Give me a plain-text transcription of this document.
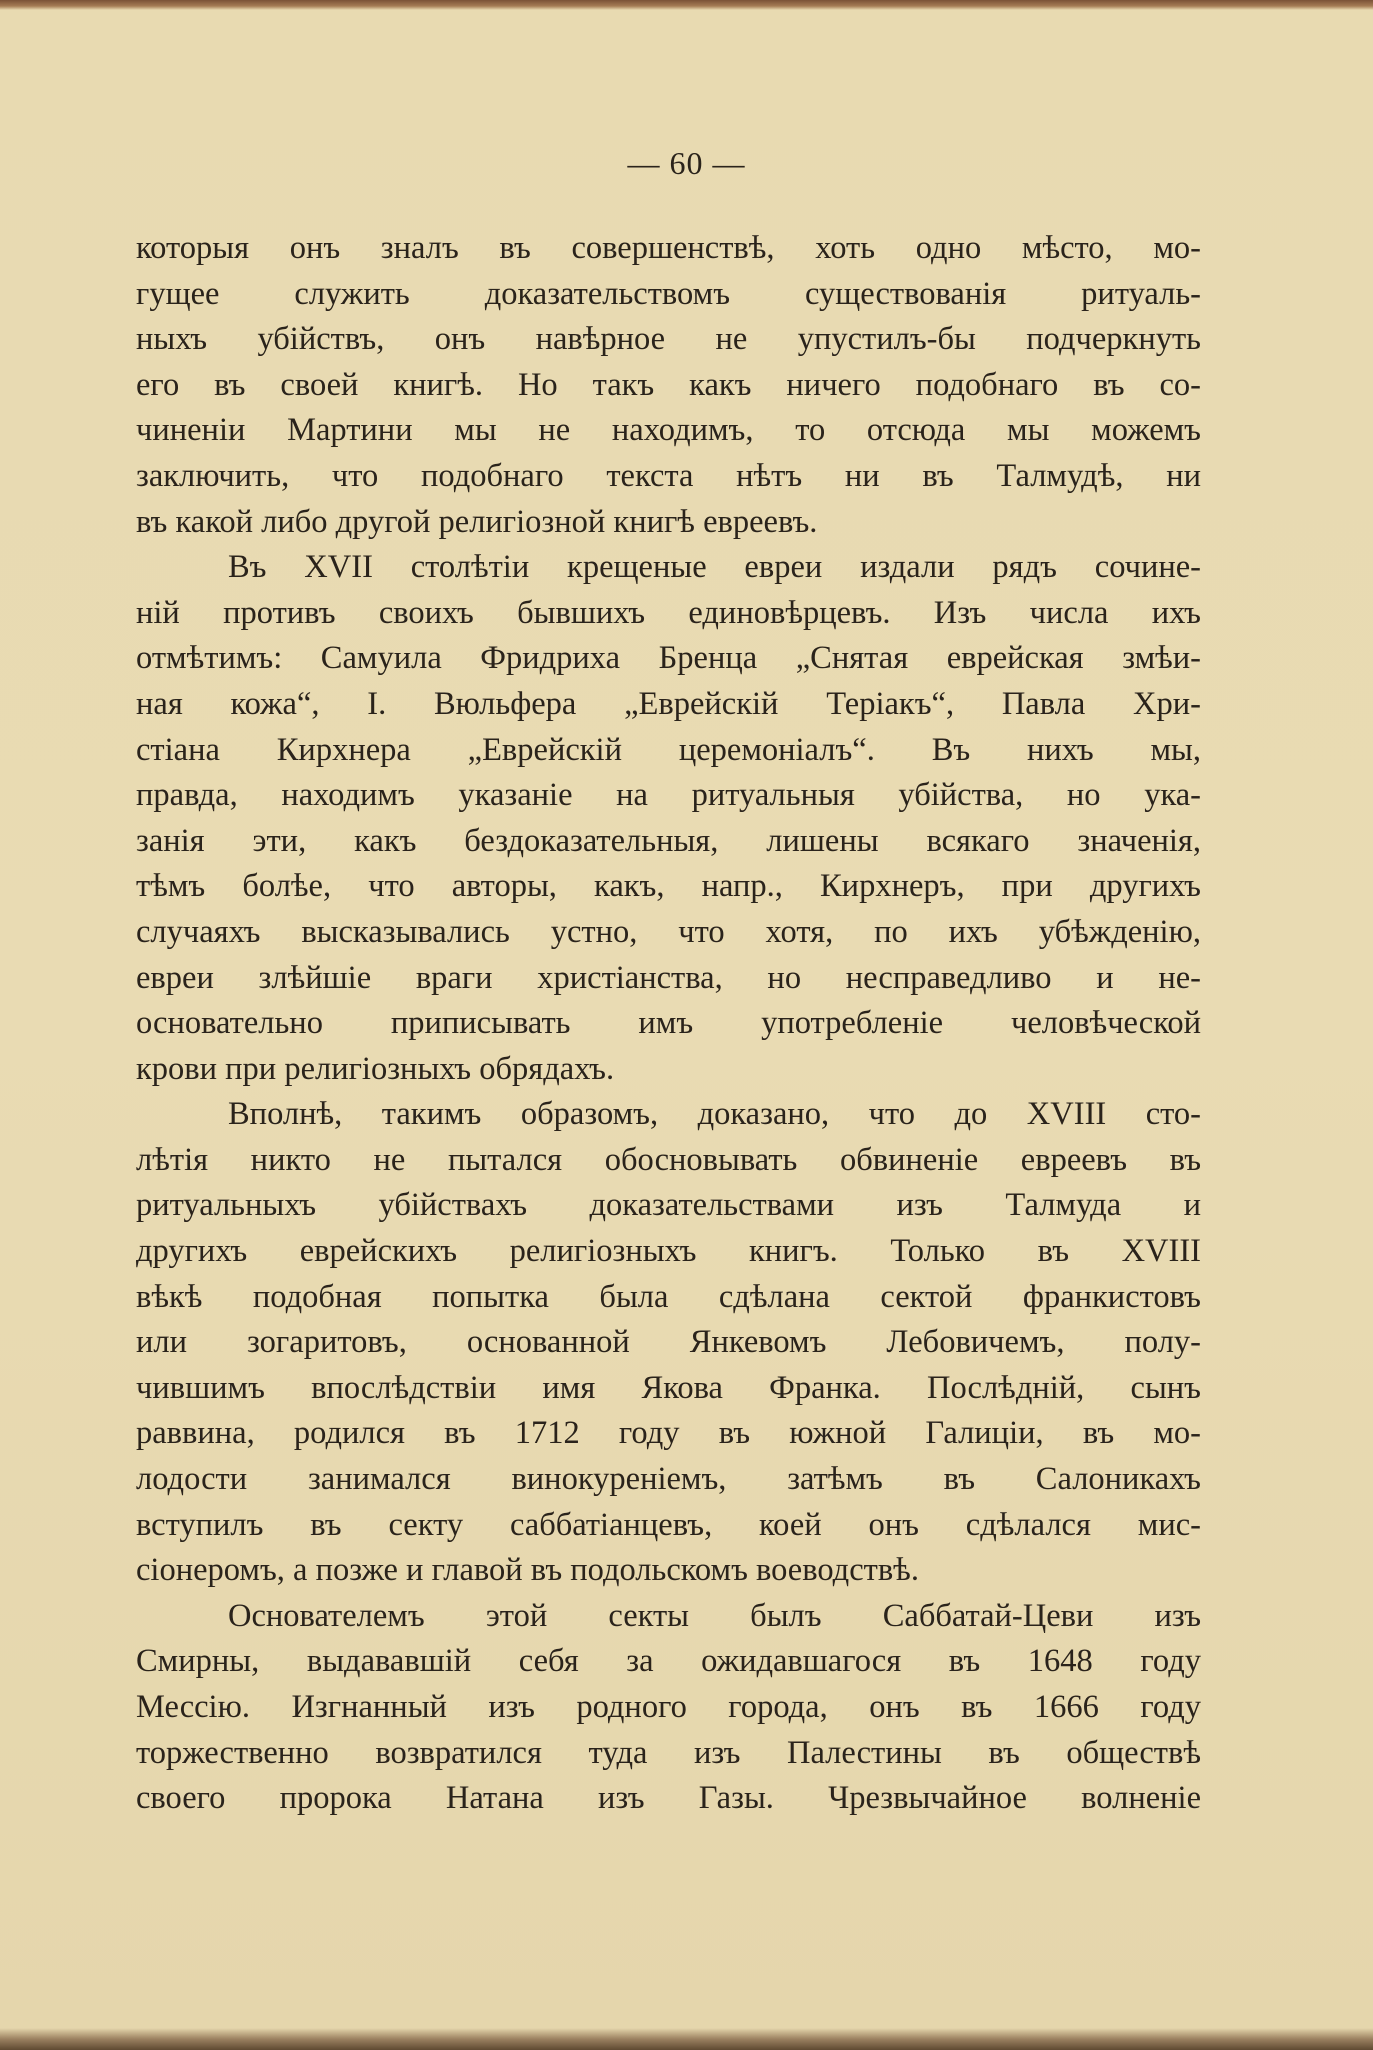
— 60 —
которыя онъ зналъ въ совершенствѣ, хоть одно мѣсто, мо-
гущее служить доказательствомъ существованія ритуаль-
ныхъ убійствъ, онъ навѣрное не упустилъ-бы подчеркнуть
его въ своей книгѣ. Но такъ какъ ничего подобнаго въ со-
чиненіи Мартини мы не находимъ, то отсюда мы можемъ
заключить, что подобнаго текста нѣтъ ни въ Талмудѣ, ни
въ какой либо другой религіозной книгѣ евреевъ.
Въ XVII столѣтіи крещеные евреи издали рядъ сочине-
ній противъ своихъ бывшихъ единовѣрцевъ. Изъ числа ихъ
отмѣтимъ: Самуила Фридриха Бренца „Снятая еврейская змѣи-
ная кожа“, І. Вюльфера „Еврейскій Теріакъ“, Павла Хри-
стіана Кирхнера „Еврейскій церемоніалъ“. Въ нихъ мы,
правда, находимъ указаніе на ритуальныя убійства, но ука-
занія эти, какъ бездоказательныя, лишены всякаго значенія,
тѣмъ болѣе, что авторы, какъ, напр., Кирхнеръ, при другихъ
случаяхъ высказывались устно, что хотя, по ихъ убѣжденію,
евреи злѣйшіе враги христіанства, но несправедливо и не-
основательно приписывать имъ употребленіе человѣческой
крови при религіозныхъ обрядахъ.
Вполнѣ, такимъ образомъ, доказано, что до XVIII сто-
лѣтія никто не пытался обосновывать обвиненіе евреевъ въ
ритуальныхъ убійствахъ доказательствами изъ Талмуда и
другихъ еврейскихъ религіозныхъ книгъ. Только въ XVIII
вѣкѣ подобная попытка была сдѣлана сектой франкистовъ
или зогаритовъ, основанной Янкевомъ Лебовичемъ, полу-
чившимъ впослѣдствіи имя Якова Франка. Послѣдній, сынъ
раввина, родился въ 1712 году въ южной Галиціи, въ мо-
лодости занимался винокуреніемъ, затѣмъ въ Салоникахъ
вступилъ въ секту саббатіанцевъ, коей онъ сдѣлался мис-
сіонеромъ, а позже и главой въ подольскомъ воеводствѣ.
Основателемъ этой секты былъ Саббатай-Цеви изъ
Смирны, выдававшій себя за ожидавшагося въ 1648 году
Мессію. Изгнанный изъ родного города, онъ въ 1666 году
торжественно возвратился туда изъ Палестины въ обществѣ
своего пророка Натана изъ Газы. Чрезвычайное волненіе
